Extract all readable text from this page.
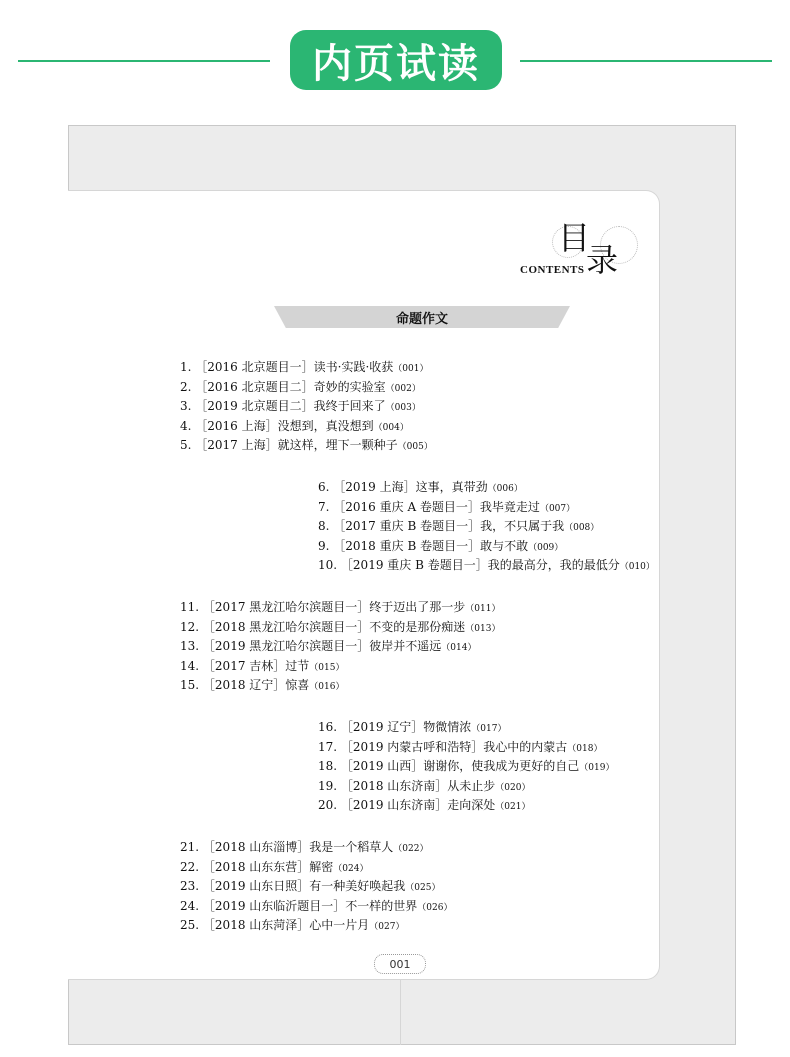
内页试读
目
录
CONTENTS
命题作文
1. ［2016 北京题目一］读书·实践·收获（001）
2. ［2016 北京题目二］奇妙的实验室（002）
3. ［2019 北京题目二］我终于回来了（003）
4. ［2016 上海］没想到，真没想到（004）
5. ［2017 上海］就这样，埋下一颗种子（005）
6. ［2019 上海］这事，真带劲（006）
7. ［2016 重庆 A 卷题目一］我毕竟走过（007）
8. ［2017 重庆 B 卷题目一］我，不只属于我（008）
9. ［2018 重庆 B 卷题目一］敢与不敢（009）
10. ［2019 重庆 B 卷题目一］我的最高分，我的最低分（010）
11. ［2017 黑龙江哈尔滨题目一］终于迈出了那一步（011）
12. ［2018 黑龙江哈尔滨题目一］不变的是那份痴迷（013）
13. ［2019 黑龙江哈尔滨题目一］彼岸并不遥远（014）
14. ［2017 吉林］过节（015）
15. ［2018 辽宁］惊喜（016）
16. ［2019 辽宁］物微情浓（017）
17. ［2019 内蒙古呼和浩特］我心中的内蒙古（018）
18. ［2019 山西］谢谢你，使我成为更好的自己（019）
19. ［2018 山东济南］从未止步（020）
20. ［2019 山东济南］走向深处（021）
21. ［2018 山东淄博］我是一个稻草人（022）
22. ［2018 山东东营］解密（024）
23. ［2019 山东日照］有一种美好唤起我（025）
24. ［2019 山东临沂题目一］不一样的世界（026）
25. ［2018 山东菏泽］心中一片月（027）
001
